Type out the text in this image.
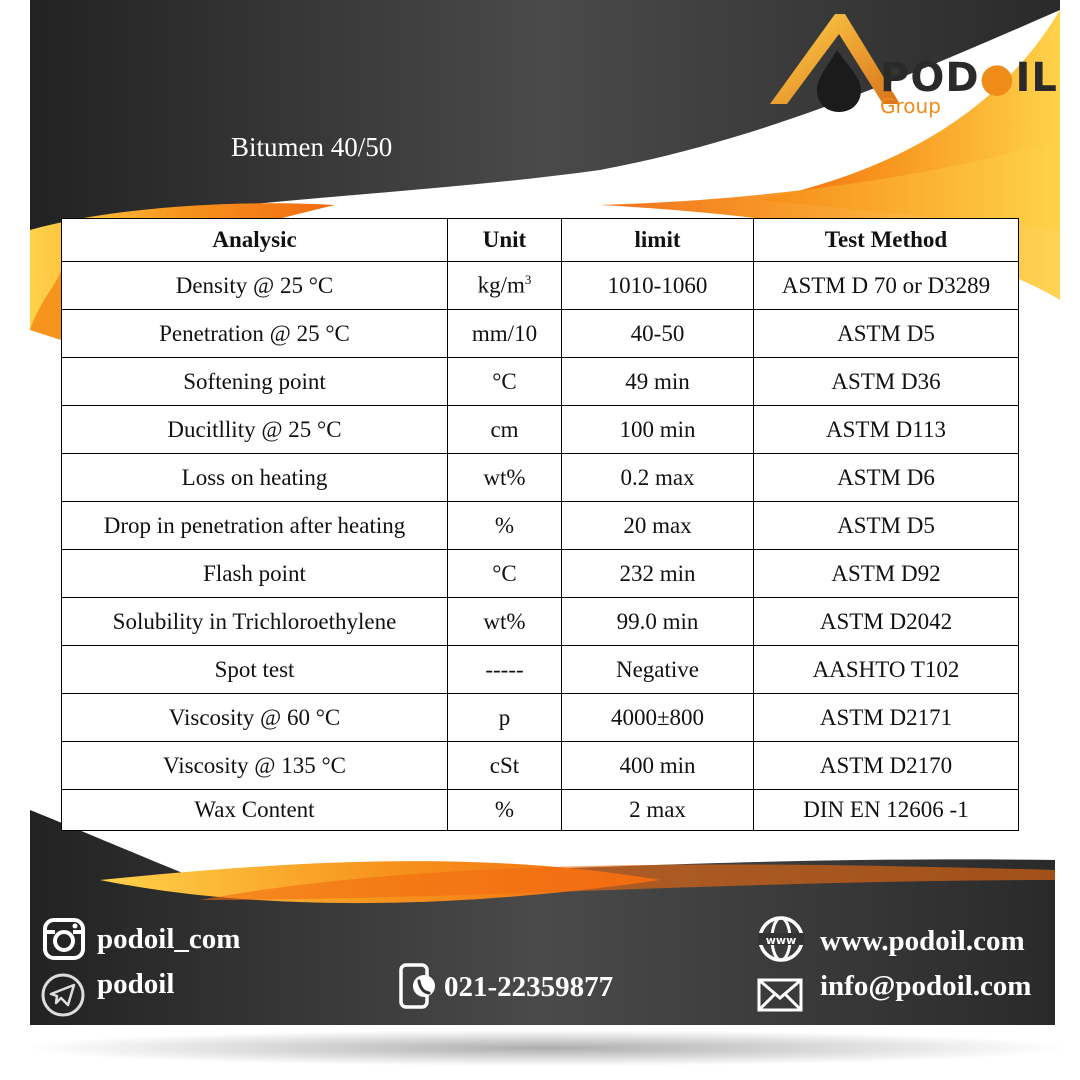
POD●IL
Group
Bitumen 40/50
Analysic	Unit	limit	Test Method
Density @ 25 °C	$kg/m^3$	1010-1060	ASTM D 70 or D3289
Penetration @ 25 °C	mm/10	40-50	ASTM D5
Softening point	°C	49 min	ASTM D36
Ducitllity @ 25 °C	cm	100 min	ASTM D113
Loss on heating	wt%	0.2 max	ASTM D6
Drop in penetration after heating	%	20 max	ASTM D5
Flash point	°C	232 min	ASTM D92
Solubility in Trichloroethylene	wt%	99.0 min	ASTM D2042
Spot test	-----	Negative	AASHTO T102
Viscosity @ 60 °C	p	4000±800	ASTM D2171
Viscosity @ 135 °C	cSt	400 min	ASTM D2170
Wax Content	%	2 max	DIN EN 12606 -1
podoil_com
podoil	021-22359877
www www.podoil.com
info@podoil.com
